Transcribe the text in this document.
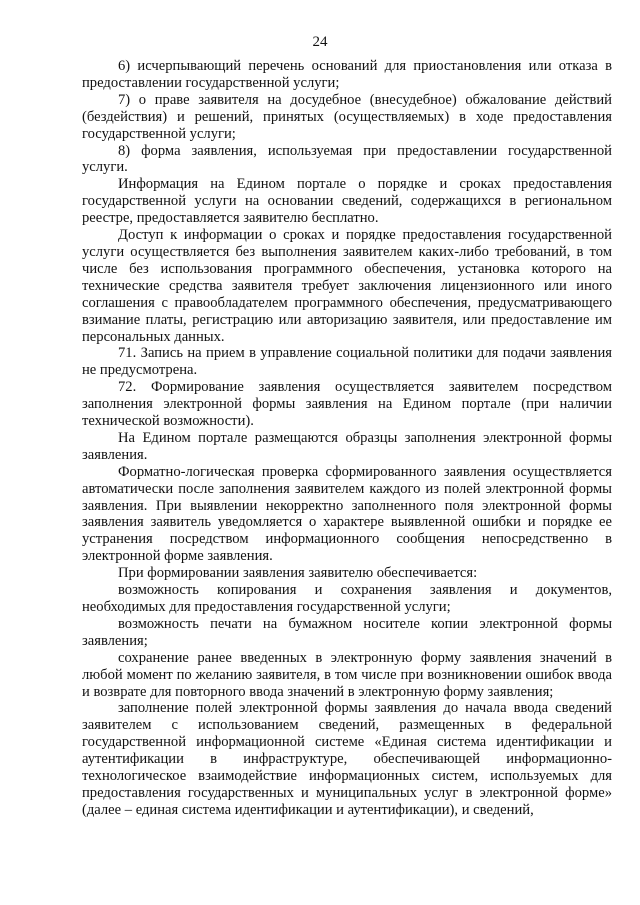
24

6) исчерпывающий перечень оснований для приостановления или отказа в предоставлении государственной услуги;

7) о праве заявителя на досудебное (внесудебное) обжалование действий (бездействия) и решений, принятых (осуществляемых) в ходе предоставления государственной услуги;

8) форма заявления, используемая при предоставлении государственной услуги.

Информация на Едином портале о порядке и сроках предоставления государственной услуги на основании сведений, содержащихся в региональном реестре, предоставляется заявителю бесплатно.

Доступ к информации о сроках и порядке предоставления государственной услуги осуществляется без выполнения заявителем каких-либо требований, в том числе без использования программного обеспечения, установка которого на технические средства заявителя требует заключения лицензионного или иного соглашения с правообладателем программного обеспечения, предусматривающего взимание платы, регистрацию или авторизацию заявителя, или предоставление им персональных данных.

71. Запись на прием в управление социальной политики для подачи заявления не предусмотрена.

72. Формирование заявления осуществляется заявителем посредством заполнения электронной формы заявления на Едином портале (при наличии технической возможности).

На Едином портале размещаются образцы заполнения электронной формы заявления.

Форматно-логическая проверка сформированного заявления осуществляется автоматически после заполнения заявителем каждого из полей электронной формы заявления. При выявлении некорректно заполненного поля электронной формы заявления заявитель уведомляется о характере выявленной ошибки и порядке ее устранения посредством информационного сообщения непосредственно в электронной форме заявления.

При формировании заявления заявителю обеспечивается:

возможность копирования и сохранения заявления и документов, необходимых для предоставления государственной услуги;

возможность печати на бумажном носителе копии электронной формы заявления;

сохранение ранее введенных в электронную форму заявления значений в любой момент по желанию заявителя, в том числе при возникновении ошибок ввода и возврате для повторного ввода значений в электронную форму заявления;

заполнение полей электронной формы заявления до начала ввода сведений заявителем с использованием сведений, размещенных в федеральной государственной информационной системе «Единая система идентификации и аутентификации в инфраструктуре, обеспечивающей информационно-технологическое взаимодействие информационных систем, используемых для предоставления государственных и муниципальных услуг в электронной форме» (далее – единая система идентификации и аутентификации), и сведений,
